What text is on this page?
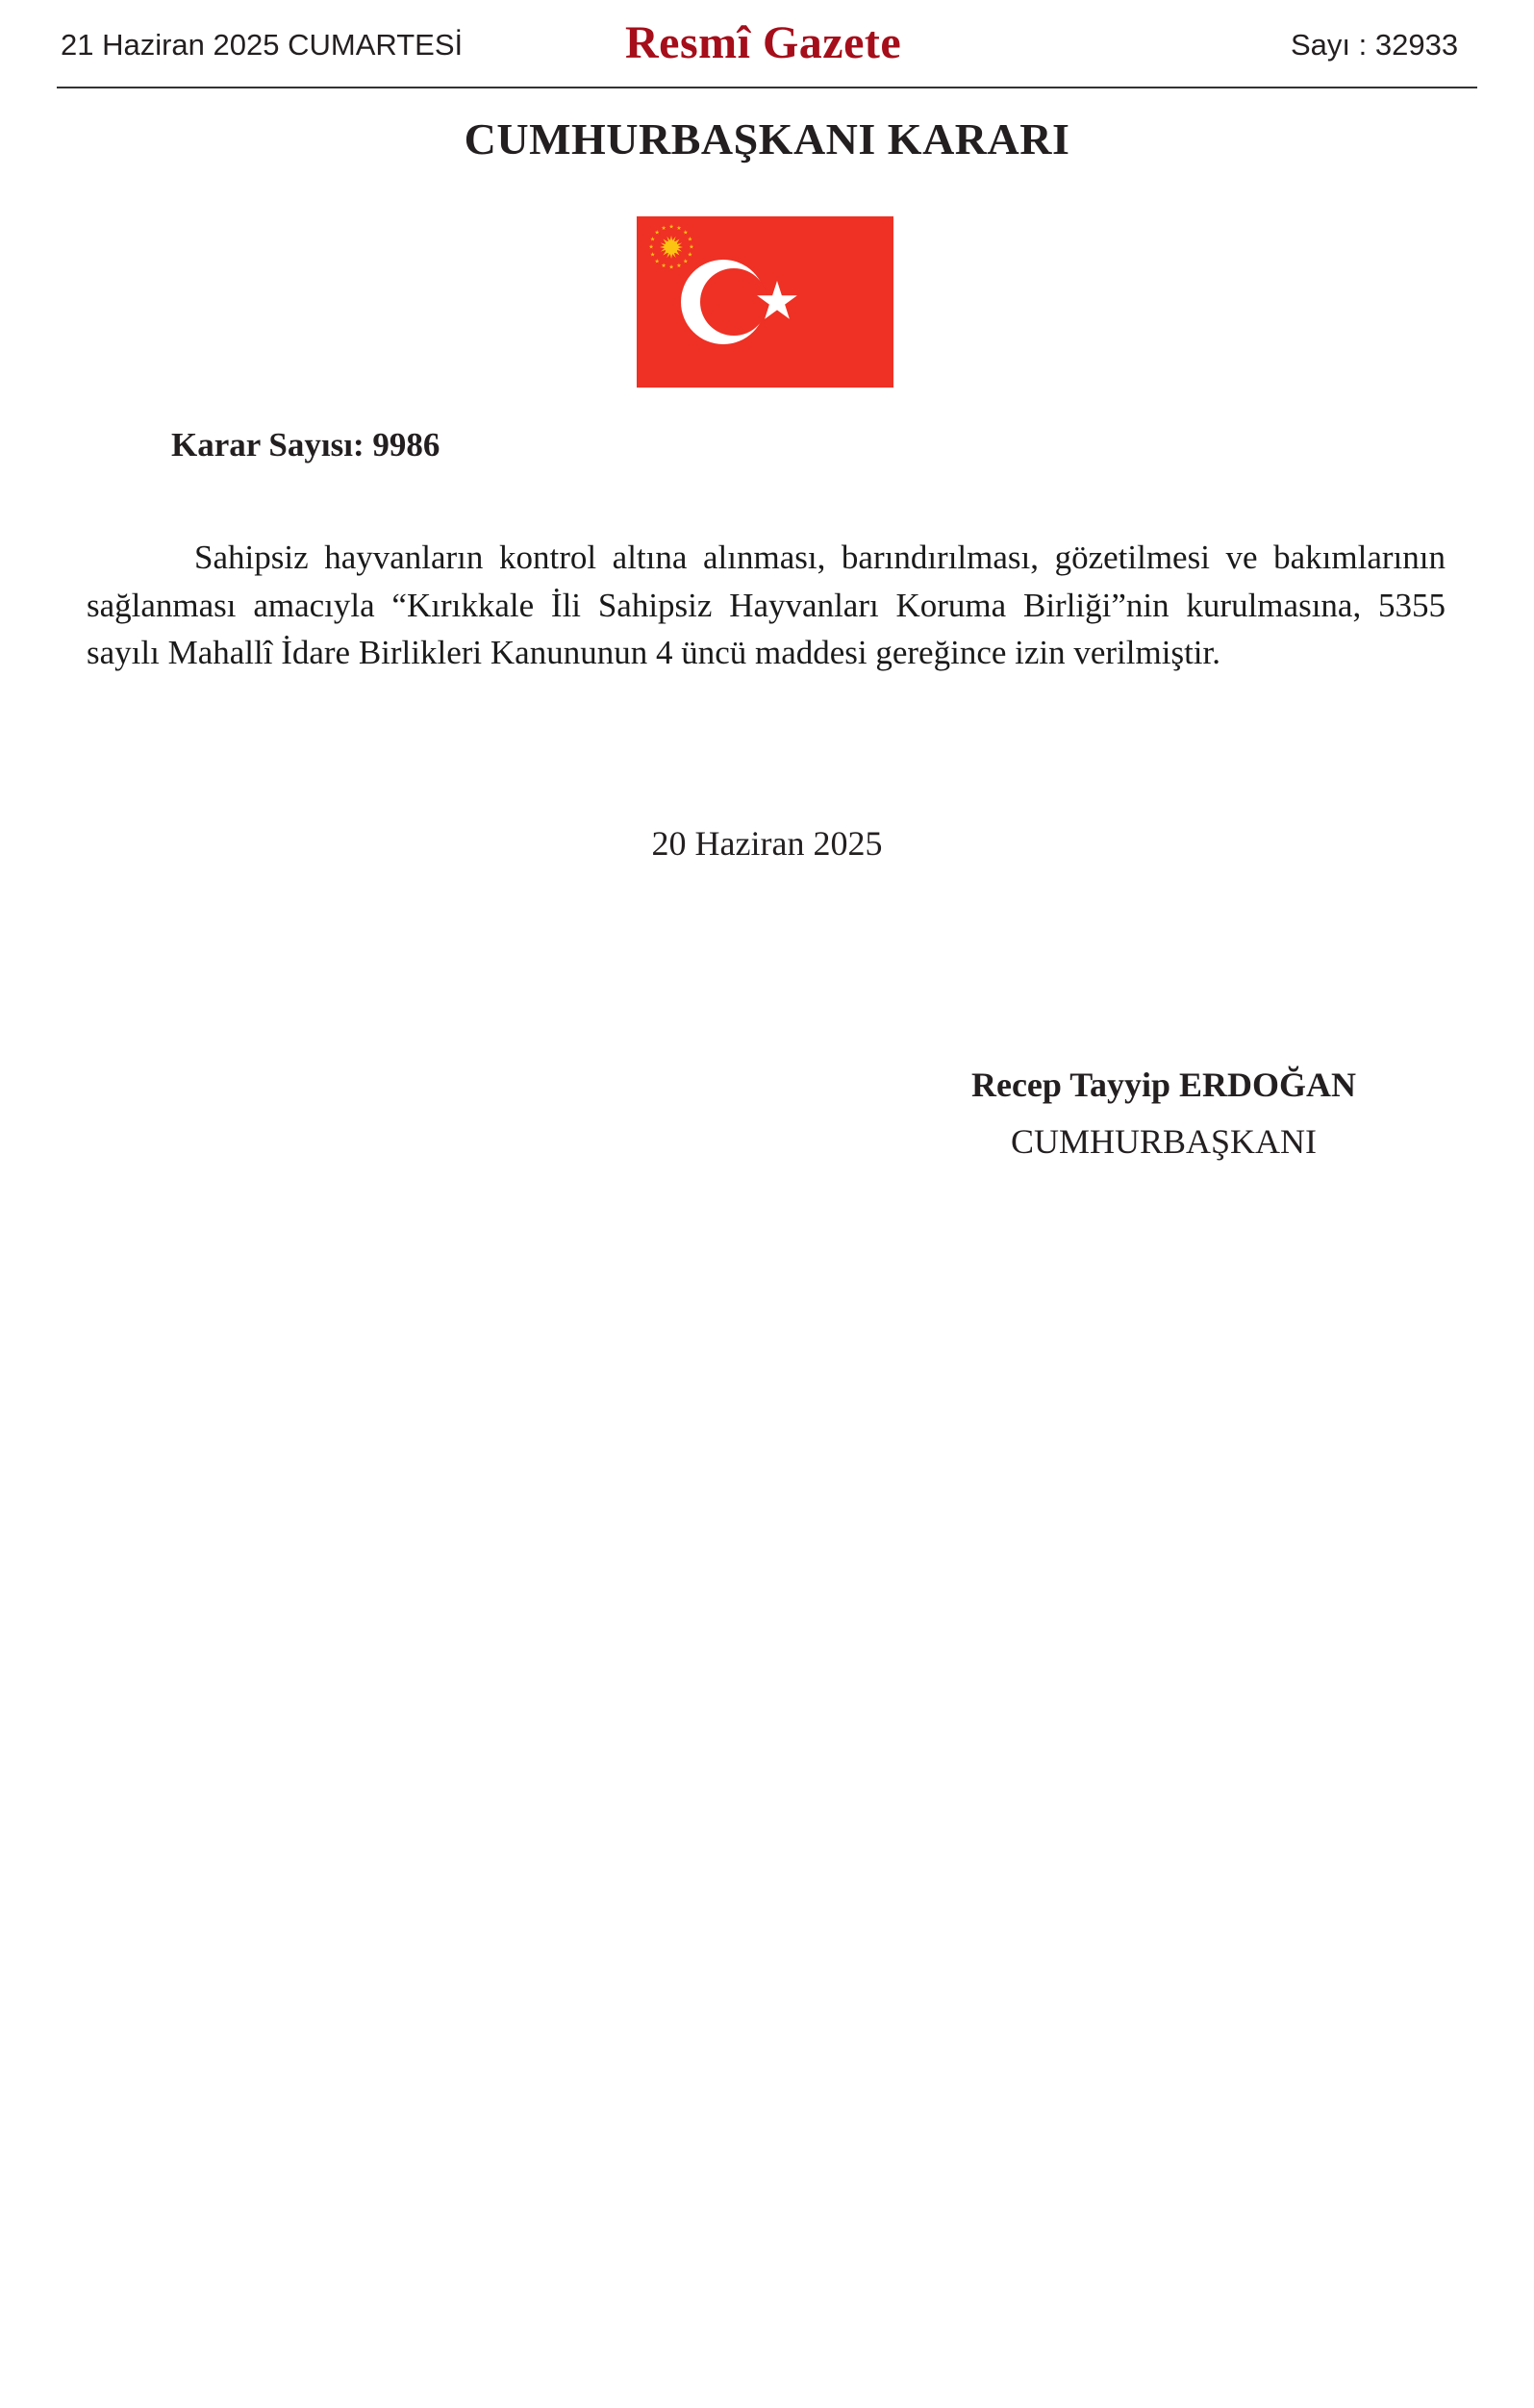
21 Haziran 2025 CUMARTESİ	Resmî Gazete	Sayı : 32933
CUMHURBAŞKANI KARARI
★ ★
★
★
★
★
★
★
★
★
★
★
★
★
★
★
Karar Sayısı: 9986

Sahipsiz hayvanların kontrol altına alınması, barındırılması, gözetilmesi ve bakımlarının sağlanması amacıyla “Kırıkkale İli Sahipsiz Hayvanları Koruma Birliği”nin kurulmasına, 5355 sayılı Mahallî İdare Birlikleri Kanununun 4 üncü maddesi gereğince izin verilmiştir.

20 Haziran 2025
Recep Tayyip ERDOĞAN
CUMHURBAŞKANI
